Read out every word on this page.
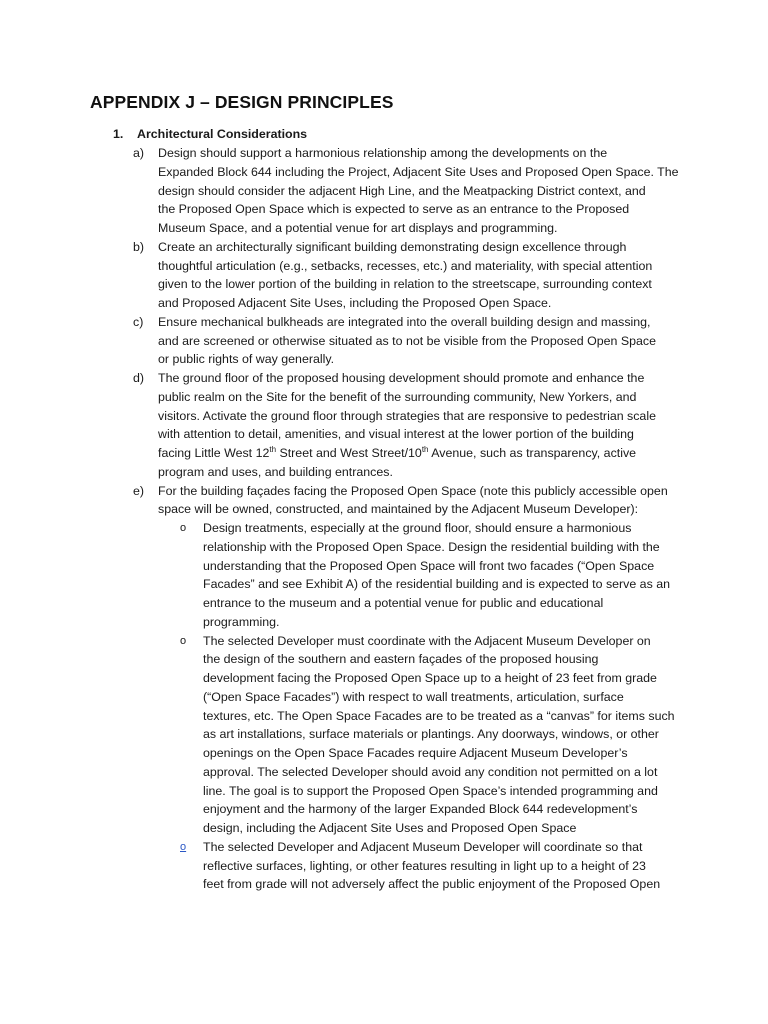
APPENDIX J – DESIGN PRINCIPLES
1.	Architectural Considerations
a)	Design should support a harmonious relationship among the developments on the
Expanded Block 644 including the Project, Adjacent Site Uses and Proposed Open Space. The
design should consider the adjacent High Line, and the Meatpacking District context, and
the Proposed Open Space which is expected to serve as an entrance to the Proposed
Museum Space, and a potential venue for art displays and programming.
b)	Create an architecturally significant building demonstrating design excellence through
thoughtful articulation (e.g., setbacks, recesses, etc.) and materiality, with special attention
given to the lower portion of the building in relation to the streetscape, surrounding context
and Proposed Adjacent Site Uses, including the Proposed Open Space.
c)	Ensure mechanical bulkheads are integrated into the overall building design and massing,
and are screened or otherwise situated as to not be visible from the Proposed Open Space
or public rights of way generally.
d)	The ground floor of the proposed housing development should promote and enhance the
public realm on the Site for the benefit of the surrounding community, New Yorkers, and
visitors. Activate the ground floor through strategies that are responsive to pedestrian scale
with attention to detail, amenities, and visual interest at the lower portion of the building
facing Little West 12th Street and West Street/10th Avenue, such as transparency, active
program and uses, and building entrances.
e)	For the building façades facing the Proposed Open Space (note this publicly accessible open
space will be owned, constructed, and maintained by the Adjacent Museum Developer):
o	Design treatments, especially at the ground floor, should ensure a harmonious
relationship with the Proposed Open Space. Design the residential building with the
understanding that the Proposed Open Space will front two facades (“Open Space
Facades” and see Exhibit A) of the residential building and is expected to serve as an
entrance to the museum and a potential venue for public and educational
programming.
o	The selected Developer must coordinate with the Adjacent Museum Developer on
the design of the southern and eastern façades of the proposed housing
development facing the Proposed Open Space up to a height of 23 feet from grade
(“Open Space Facades”) with respect to wall treatments, articulation, surface
textures, etc. The Open Space Facades are to be treated as a “canvas” for items such
as art installations, surface materials or plantings. Any doorways, windows, or other
openings on the Open Space Facades require Adjacent Museum Developer’s
approval. The selected Developer should avoid any condition not permitted on a lot
line. The goal is to support the Proposed Open Space’s intended programming and
enjoyment and the harmony of the larger Expanded Block 644 redevelopment’s
design, including the Adjacent Site Uses and Proposed Open Space
o	The selected Developer and Adjacent Museum Developer will coordinate so that
reflective surfaces, lighting, or other features resulting in light up to a height of 23
feet from grade will not adversely affect the public enjoyment of the Proposed Open
